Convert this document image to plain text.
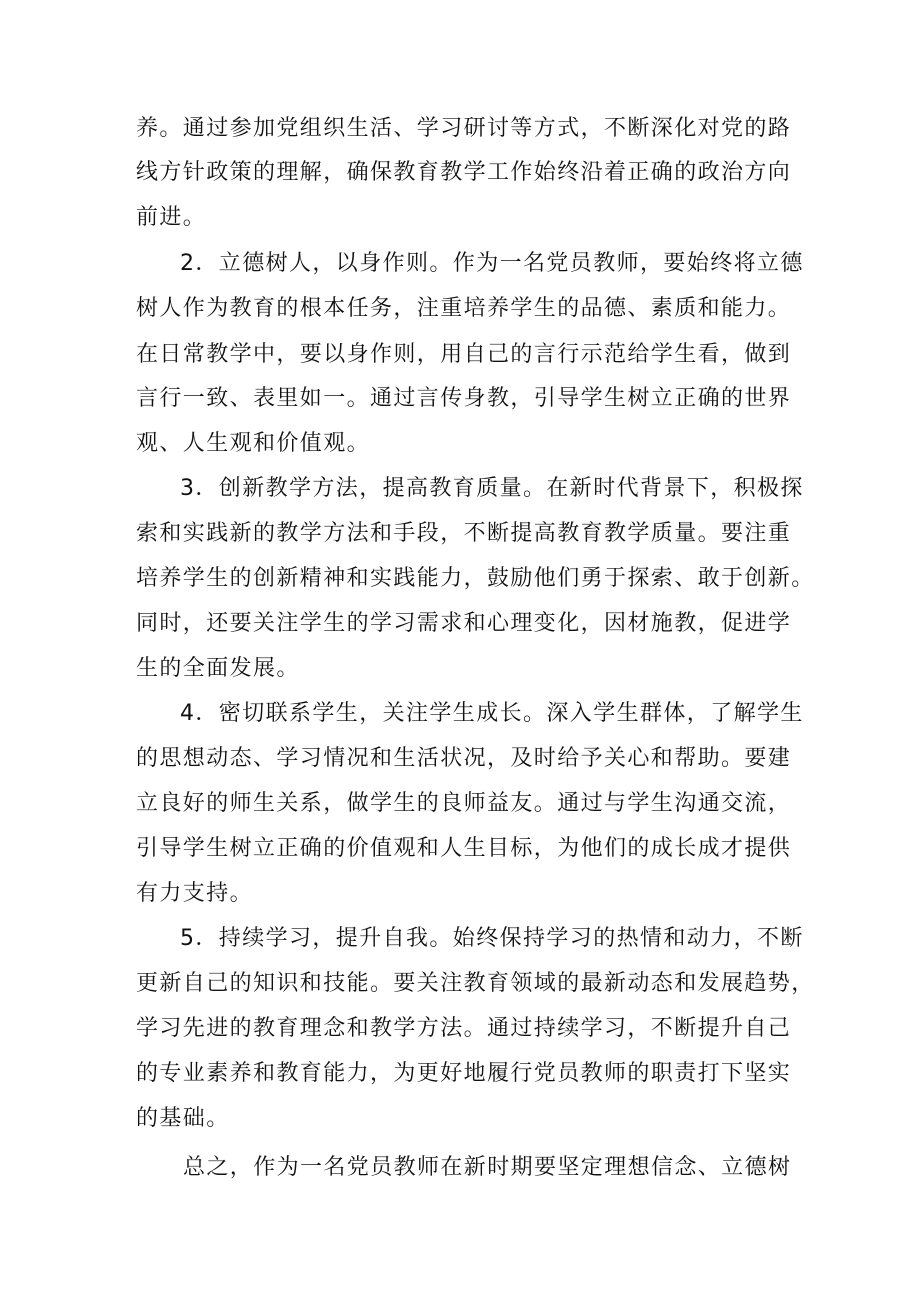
养。通过参加党组织生活、学习研讨等方式，不断深化对党的路
线方针政策的理解，确保教育教学工作始终沿着正确的政治方向
前进。
2．立德树人，以身作则。作为一名党员教师，要始终将立德
树人作为教育的根本任务，注重培养学生的品德、素质和能力。
在日常教学中，要以身作则，用自己的言行示范给学生看，做到
言行一致、表里如一。通过言传身教，引导学生树立正确的世界
观、人生观和价值观。
3．创新教学方法，提高教育质量。在新时代背景下，积极探
索和实践新的教学方法和手段，不断提高教育教学质量。要注重
培养学生的创新精神和实践能力，鼓励他们勇于探索、敢于创新。
同时，还要关注学生的学习需求和心理变化，因材施教，促进学
生的全面发展。
4．密切联系学生，关注学生成长。深入学生群体，了解学生
的思想动态、学习情况和生活状况，及时给予关心和帮助。要建
立良好的师生关系，做学生的良师益友。通过与学生沟通交流，
引导学生树立正确的价值观和人生目标，为他们的成长成才提供
有力支持。
5．持续学习，提升自我。始终保持学习的热情和动力，不断
更新自己的知识和技能。要关注教育领域的最新动态和发展趋势，
学习先进的教育理念和教学方法。通过持续学习，不断提升自己
的专业素养和教育能力，为更好地履行党员教师的职责打下坚实
的基础。
总之，作为一名党员教师在新时期要坚定理想信念、立德树
